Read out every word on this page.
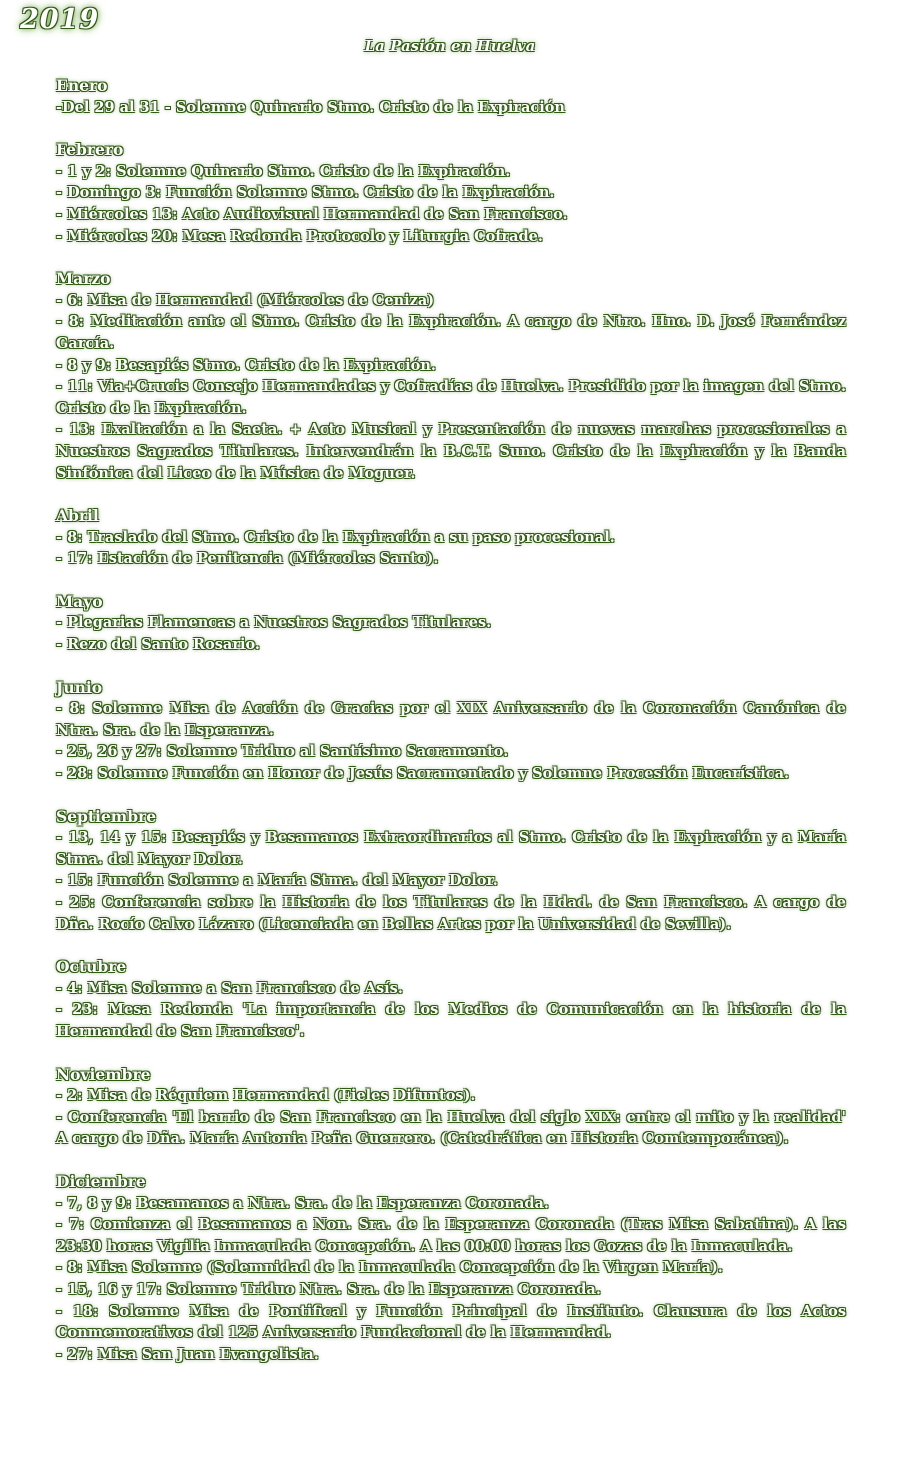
2019
La Pasión en Huelva
Enero
-Del 29 al 31 - Solemne Quinario Stmo. Cristo de la Expiración
Febrero
- 1 y 2: Solemne Quinario Stmo. Cristo de la Expiración.
- Domingo 3: Función Solemne Stmo. Cristo de la Expiración.
- Miércoles 13: Acto Audiovisual Hermandad de San Francisco.
- Miércoles 20: Mesa Redonda Protocolo y Liturgia Cofrade.
Marzo
- 6: Misa de Hermandad (Miércoles de Ceniza)
- 8: Meditación ante el Stmo. Cristo de la Expiración. A cargo de Ntro. Hno. D. José Fernández García.
- 8 y 9: Besapiés Stmo. Cristo de la Expiración.
- 11: Via+Crucis Consejo Hermandades y Cofradías de Huelva. Presidido por la imagen del Stmo. Cristo de la Expiración.
- 13: Exaltación a la Saeta. + Acto Musical y Presentación de nuevas marchas procesionales a Nuestros Sagrados Titulares. Intervendrán la B.C.T. Suno. Cristo de la Expiración y la Banda Sinfónica del Liceo de la Música de Moguer.
Abril
- 8: Traslado del Stmo. Cristo de la Expiración a su paso procesional.
- 17: Estación de Penitencia (Miércoles Santo).
Mayo
- Plegarias Flamencas a Nuestros Sagrados Titulares.
- Rezo del Santo Rosario.
Junio
- 8: Solemne Misa de Acción de Gracias por el XIX Aniversario de la Coronación Canónica de Ntra. Sra. de la Esperanza.
- 25, 26 y 27: Solemne Triduo al Santísimo Sacramento.
- 28: Solemne Función en Honor de Jesús Sacramentado y Solemne Procesión Eucarística.
Septiembre
- 13, 14 y 15: Besapiés y Besamanos Extraordinarios al Stmo. Cristo de la Expiración y a María Stma. del Mayor Dolor.
- 15: Función Solemne a María Stma. del Mayor Dolor.
- 25: Conferencia sobre la Historia de los Titulares de la Hdad. de San Francisco. A cargo de Dña. Rocío Calvo Lázaro (Licenciada en Bellas Artes por la Universidad de Sevilla).
Octubre
- 4: Misa Solemne a San Francisco de Asís.
- 23: Mesa Redonda 'La importancia de los Medios de Comunicación en la historia de la Hermandad de San Francisco'.
Noviembre
- 2: Misa de Réquiem Hermandad (Fieles Difuntos).
- Conferencia 'El barrio de San Francisco en la Huelva del siglo XIX: entre el mito y la realidad' A cargo de Dña. María Antonia Peña Guerrero. (Catedrática en Historia Comtemporánea).
Diciembre
- 7, 8 y 9: Besamanos a Ntra. Sra. de la Esperanza Coronada.
- 7: Comienza el Besamanos a Non. Sra. de la Esperanza Coronada (Tras Misa Sabatina). A las 23:30 horas Vigilia Inmaculada Concepción. A las 00:00 horas los Gozas de la Inmaculada.
- 8: Misa Solemne (Solemnidad de la Inmaculada Concepción de la Virgen María).
- 15, 16 y 17: Solemne Triduo Ntra. Sra. de la Esperanza Coronada.
- 18: Solemne Misa de Pontifical y Función Principal de Instituto. Clausura de los Actos Conmemorativos del 125 Aniversario Fundacional de la Hermandad.
- 27: Misa San Juan Evangelista.
